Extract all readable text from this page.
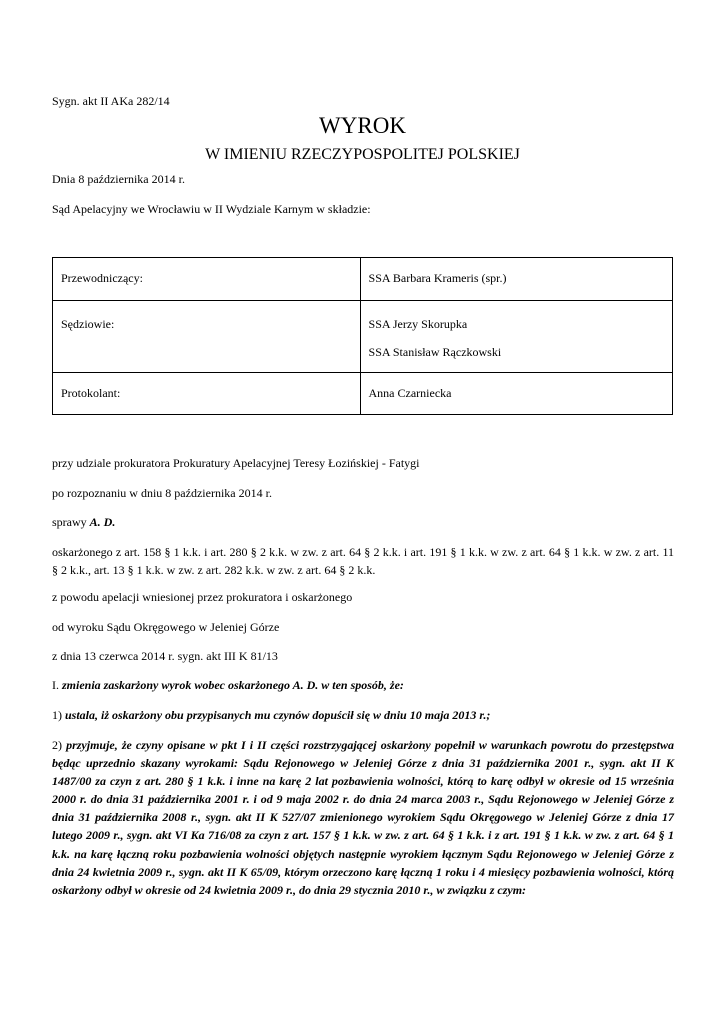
Sygn. akt II AKa 282/14
WYROK
W IMIENIU RZECZYPOSPOLITEJ POLSKIEJ
Dnia 8 października 2014 r.
Sąd Apelacyjny we Wrocławiu w II Wydziale Karnym w składzie:
Przewodniczący:	SSA Barbara Krameris (spr.)

Sędziowie:	SSA Jerzy Skorupka
SSA Stanisław Rączkowski

Protokolant:	Anna Czarniecka
przy udziale prokuratora Prokuratury Apelacyjnej Teresy Łozińskiej - Fatygi
po rozpoznaniu w dniu 8 października 2014 r.
sprawy A. D.
oskarżonego z art. 158 § 1 k.k. i art. 280 § 2 k.k. w zw. z art. 64 § 2 k.k. i art. 191 § 1 k.k. w zw. z art. 64 § 1 k.k. w zw. z art. 11 § 2 k.k., art. 13 § 1 k.k. w zw. z art. 282 k.k. w zw. z art. 64 § 2 k.k.
z powodu apelacji wniesionej przez prokuratora i oskarżonego
od wyroku Sądu Okręgowego w Jeleniej Górze
z dnia 13 czerwca 2014 r. sygn. akt III K 81/13
I. zmienia zaskarżony wyrok wobec oskarżonego A. D. w ten sposób, że:
1) ustala, iż oskarżony obu przypisanych mu czynów dopuścił się w dniu 10 maja 2013 r.;
2) przyjmuje, że czyny opisane w pkt I i II części rozstrzygającej oskarżony popełnił w warunkach powrotu do przestępstwa będąc uprzednio skazany wyrokami: Sądu Rejonowego w Jeleniej Górze z dnia 31 października 2001 r., sygn. akt II K 1487/00 za czyn z art. 280 § 1 k.k. i inne na karę 2 lat pozbawienia wolności, którą to karę odbył w okresie od 15 września 2000 r. do dnia 31 października 2001 r. i od 9 maja 2002 r. do dnia 24 marca 2003 r., Sądu Rejonowego w Jeleniej Górze z dnia 31 października 2008 r., sygn. akt II K 527/07 zmienionego wyrokiem Sądu Okręgowego w Jeleniej Górze z dnia 17 lutego 2009 r., sygn. akt VI Ka 716/08 za czyn z art. 157 § 1 k.k. w zw. z art. 64 § 1 k.k. i z art. 191 § 1 k.k. w zw. z art. 64 § 1 k.k. na karę łączną roku pozbawienia wolności objętych następnie wyrokiem łącznym Sądu Rejonowego w Jeleniej Górze z dnia 24 kwietnia 2009 r., sygn. akt II K 65/09, którym orzeczono karę łączną 1 roku i 4 miesięcy pozbawienia wolności, którą oskarżony odbył w okresie od 24 kwietnia 2009 r., do dnia 29 stycznia 2010 r., w związku z czym:
